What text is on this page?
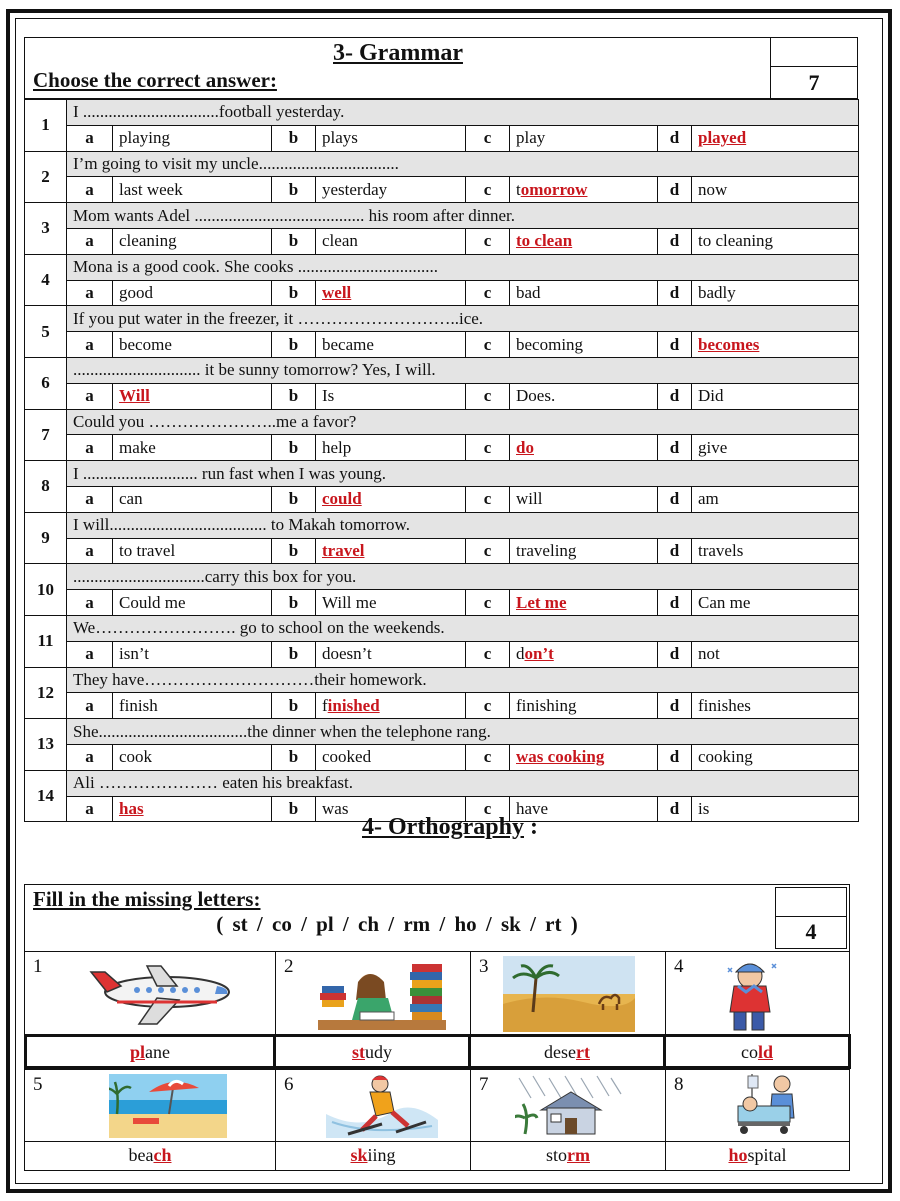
3- Grammar
Choose the correct answer:	7
1	I ................................football yesterday.							
	a	playing	b	plays	c	play	d	played
2	I’m going to visit my uncle.................................							
	a	last week	b	yesterday	c	tomorrow	d	now
3	Mom wants Adel ........................................ his room after dinner.							
	a	cleaning	b	clean	c	to clean	d	to cleaning
4	Mona is a good cook. She cooks .................................							
	a	good	b	well	c	bad	d	badly
5	If you put water in the freezer, it ………………………..ice.							
	a	become	b	became	c	becoming	d	becomes
6	.............................. it be sunny tomorrow? Yes, I will.							
	a	Will	b	Is	c	Does.	d	Did
7	Could you …………………..me a favor?							
	a	make	b	help	c	do	d	give
8	I ........................... run fast when I was young.							
	a	can	b	could	c	will	d	am
9	I will..................................... to Makah tomorrow.							
	a	to travel	b	travel	c	traveling	d	travels
10	...............................carry this box for you.							
	a	Could me	b	Will me	c	Let me	d	Can me
11	We……………………. go to school on the weekends.							
	a	isn’t	b	doesn’t	c	don’t	d	not
12	They have…………………………their homework.							
	a	finish	b	finished	c	finishing	d	finishes
13	She...................................the dinner when the telephone rang.							
	a	cook	b	cooked	c	was cooking	d	cooking
14	Ali ………………… eaten his breakfast.							
	a	has	b	was	c	have	d	is
4- Orthography :
Fill in the missing letters:
( st / co / pl / ch / rm / ho / sk / rt )	4
1	2	3	4
plane	study	desert	cold
5	6	7	8
beach	skiing	storm	hospital
